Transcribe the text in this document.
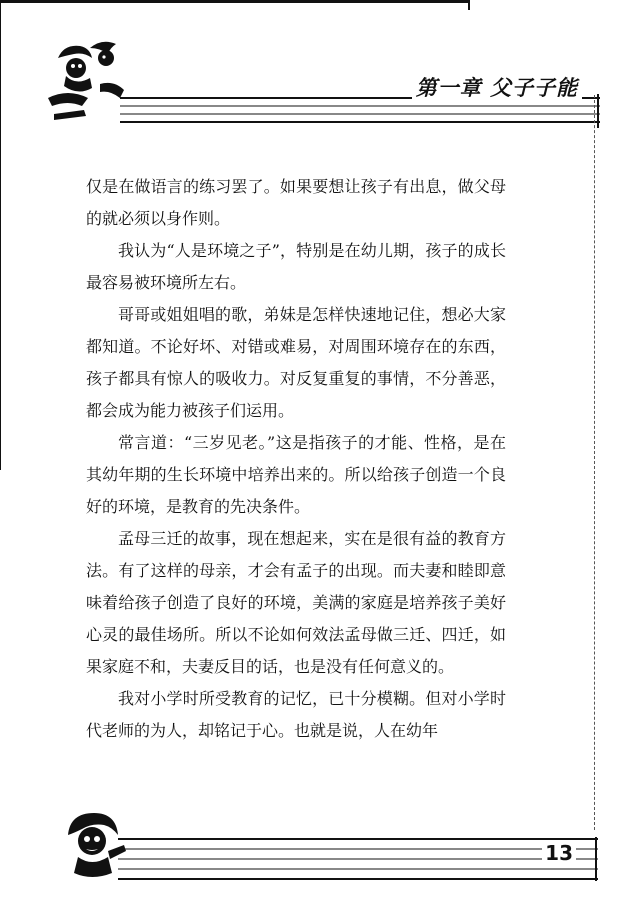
第一章 父子子能

仅是在做语言的练习罢了。如果要想让孩子有出息，做父母的就必须以身作则。

我认为“人是环境之子”，特别是在幼儿期，孩子的成长最容易被环境所左右。

哥哥或姐姐唱的歌，弟妹是怎样快速地记住，想必大家都知道。不论好坏、对错或难易，对周围环境存在的东西，孩子都具有惊人的吸收力。对反复重复的事情，不分善恶，都会成为能力被孩子们运用。

常言道：“三岁见老。”这是指孩子的才能、性格，是在其幼年期的生长环境中培养出来的。所以给孩子创造一个良好的环境，是教育的先决条件。

孟母三迁的故事，现在想起来，实在是很有益的教育方法。有了这样的母亲，才会有孟子的出现。而夫妻和睦即意味着给孩子创造了良好的环境，美满的家庭是培养孩子美好心灵的最佳场所。所以不论如何效法孟母做三迁、四迁，如果家庭不和，夫妻反目的话，也是没有任何意义的。

我对小学时所受教育的记忆，已十分模糊。但对小学时代老师的为人，却铭记于心。也就是说，人在幼年

13
